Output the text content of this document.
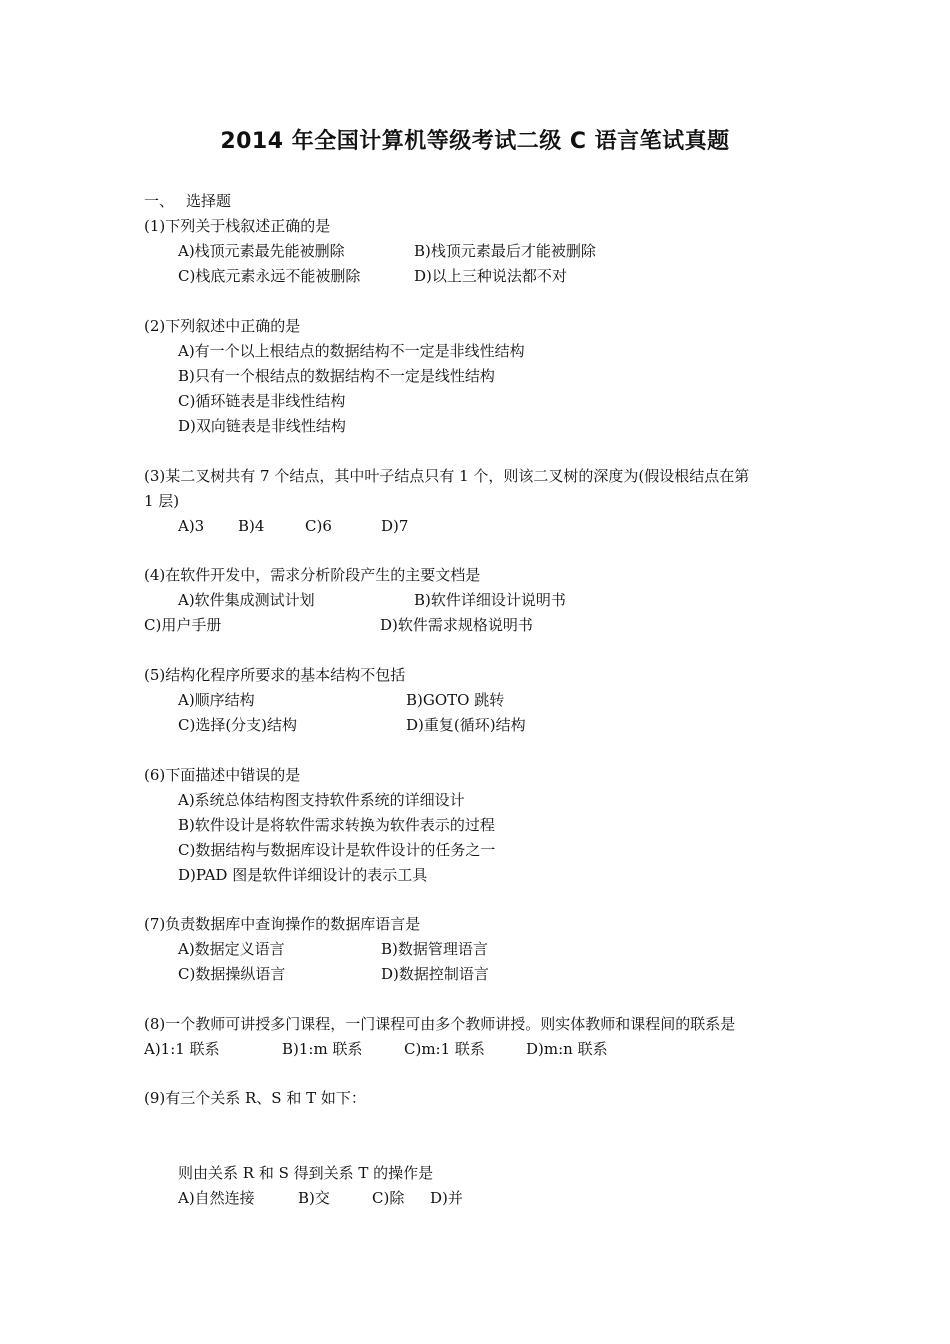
2014 年全国计算机等级考试二级 C 语言笔试真题
一、 选择题
(1)下列关于栈叙述正确的是
A)栈顶元素最先能被删除	B)栈顶元素最后才能被删除
C)栈底元素永远不能被删除	D)以上三种说法都不对
(2)下列叙述中正确的是
A)有一个以上根结点的数据结构不一定是非线性结构
B)只有一个根结点的数据结构不一定是线性结构
C)循环链表是非线性结构
D)双向链表是非线性结构
(3)某二叉树共有 7 个结点，其中叶子结点只有 1 个，则该二叉树的深度为(假设根结点在第
1 层)
A)3 B)4	C)6	D)7
(4)在软件开发中，需求分析阶段产生的主要文档是
A)软件集成测试计划	B)软件详细设计说明书
C)用户手册	D)软件需求规格说明书
(5)结构化程序所要求的基本结构不包括
A)顺序结构	B)GOTO 跳转
C)选择(分支)结构	D)重复(循环)结构
(6)下面描述中错误的是
A)系统总体结构图支持软件系统的详细设计
B)软件设计是将软件需求转换为软件表示的过程
C)数据结构与数据库设计是软件设计的任务之一
D)PAD 图是软件详细设计的表示工具
(7)负责数据库中查询操作的数据库语言是
A)数据定义语言	B)数据管理语言
C)数据操纵语言	D)数据控制语言
(8)一个教师可讲授多门课程，一门课程可由多个教师讲授。则实体教师和课程间的联系是
A)1:1 联系	B)1:m 联系	C)m:1 联系	D)m:n 联系
(9)有三个关系 R、S 和 T 如下：
则由关系 R 和 S 得到关系 T 的操作是
A)自然连接	B)交	C)除 D)并
